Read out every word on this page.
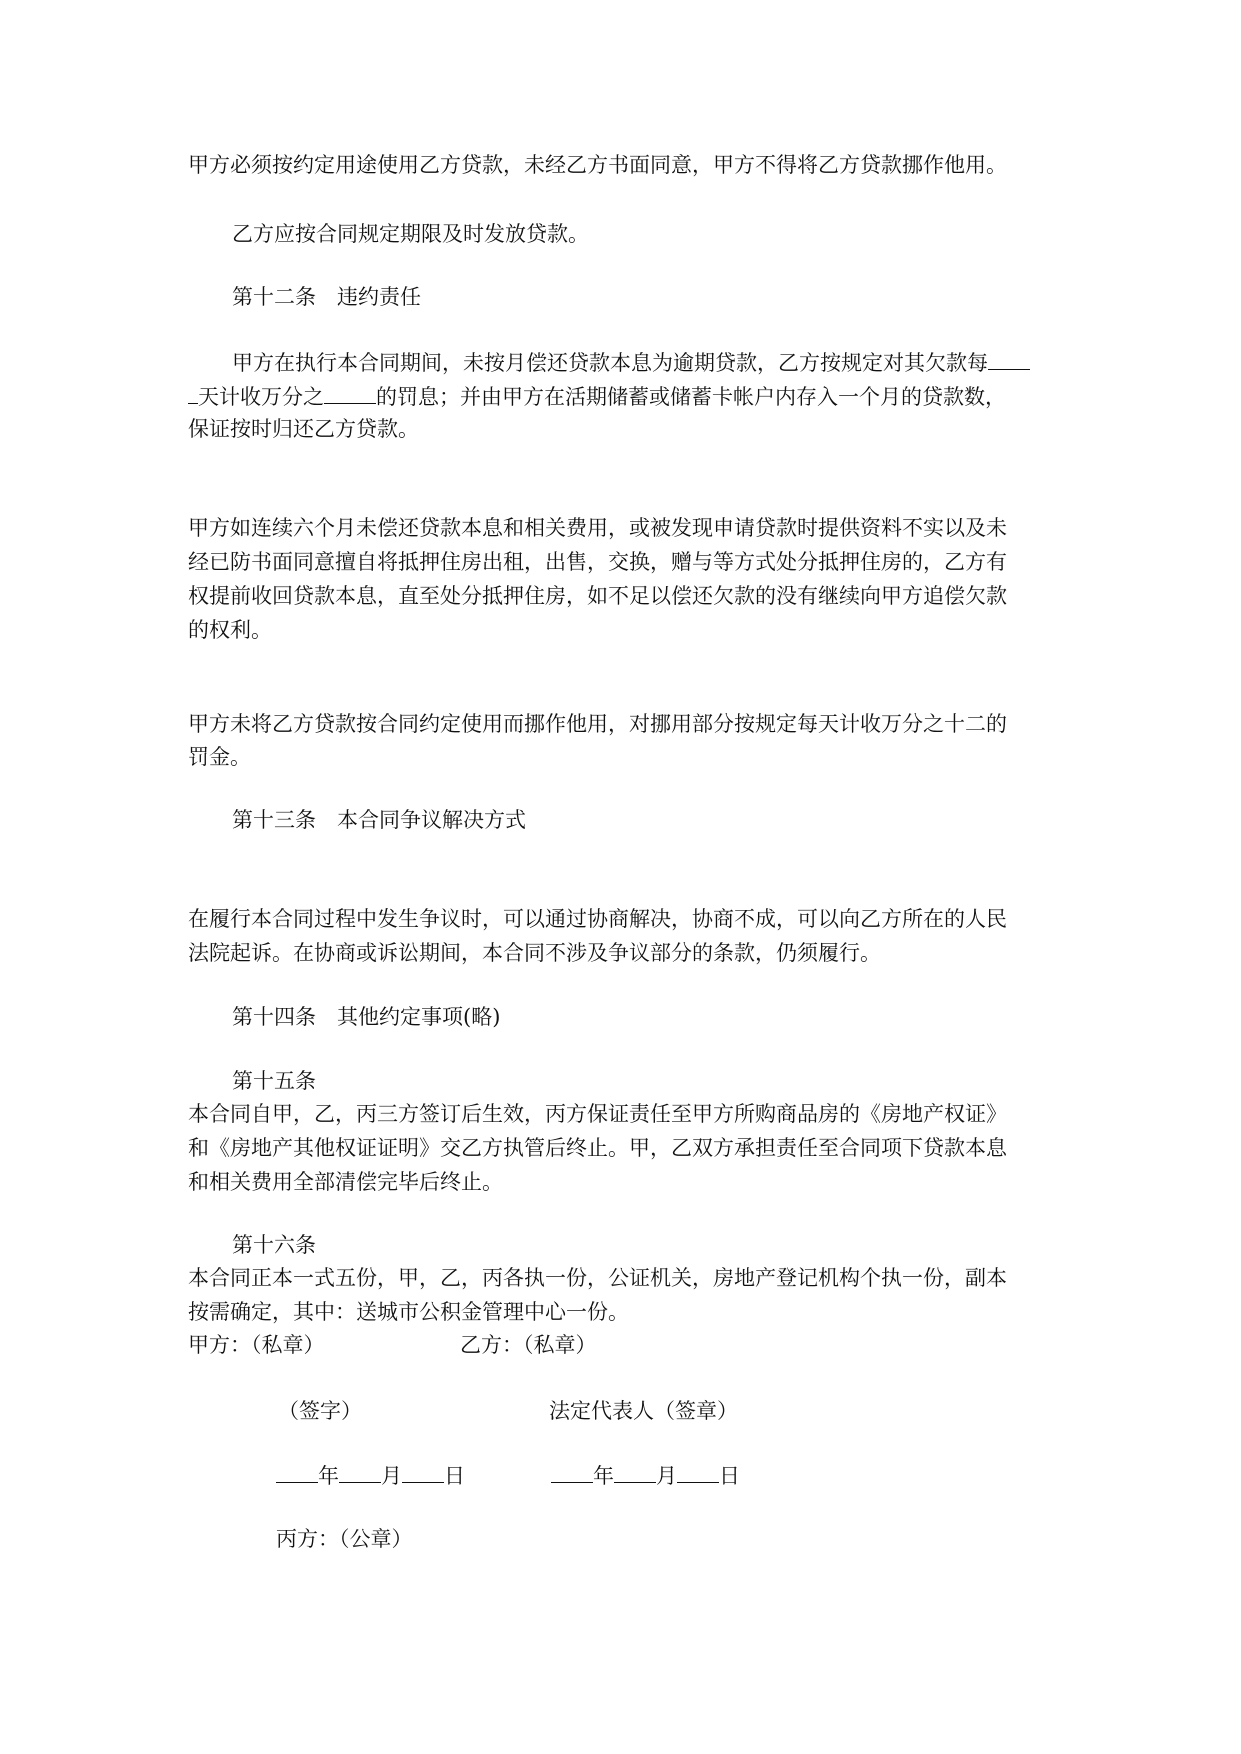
甲方必须按约定用途使用乙方贷款，未经乙方书面同意，甲方不得将乙方贷款挪作他用。

乙方应按合同规定期限及时发放贷款。

第十二条　违约责任

甲方在执行本合同期间，未按月偿还贷款本息为逾期贷款，乙方按规定对其欠款每
天计收万分之 的罚息；并由甲方在活期储蓄或储蓄卡帐户内存入一个月的贷款数，

保证按时归还乙方贷款。

甲方如连续六个月未偿还贷款本息和相关费用，或被发现申请贷款时提供资料不实以及未

经已防书面同意擅自将抵押住房出租，出售，交换，赠与等方式处分抵押住房的，乙方有

权提前收回贷款本息，直至处分抵押住房，如不足以偿还欠款的没有继续向甲方追偿欠款

的权利。

甲方未将乙方贷款按合同约定使用而挪作他用，对挪用部分按规定每天计收万分之十二的

罚金。

第十三条　本合同争议解决方式

在履行本合同过程中发生争议时，可以通过协商解决，协商不成，可以向乙方所在的人民

法院起诉。在协商或诉讼期间，本合同不涉及争议部分的条款，仍须履行。

第十四条　其他约定事项(略)

第十五条

本合同自甲，乙，丙三方签订后生效，丙方保证责任至甲方所购商品房的《房地产权证》

和《房地产其他权证证明》交乙方执管后终止。甲，乙双方承担责任至合同项下贷款本息

和相关费用全部清偿完毕后终止。

第十六条

本合同正本一式五份，甲，乙，丙各执一份，公证机关，房地产登记机构个执一份，副本

按需确定，其中：送城市公积金管理中心一份。

甲方：（私章）	乙方：（私章）

（签字）	法定代表人（签章）

年 月 日	年 月 日

丙方：（公章）
